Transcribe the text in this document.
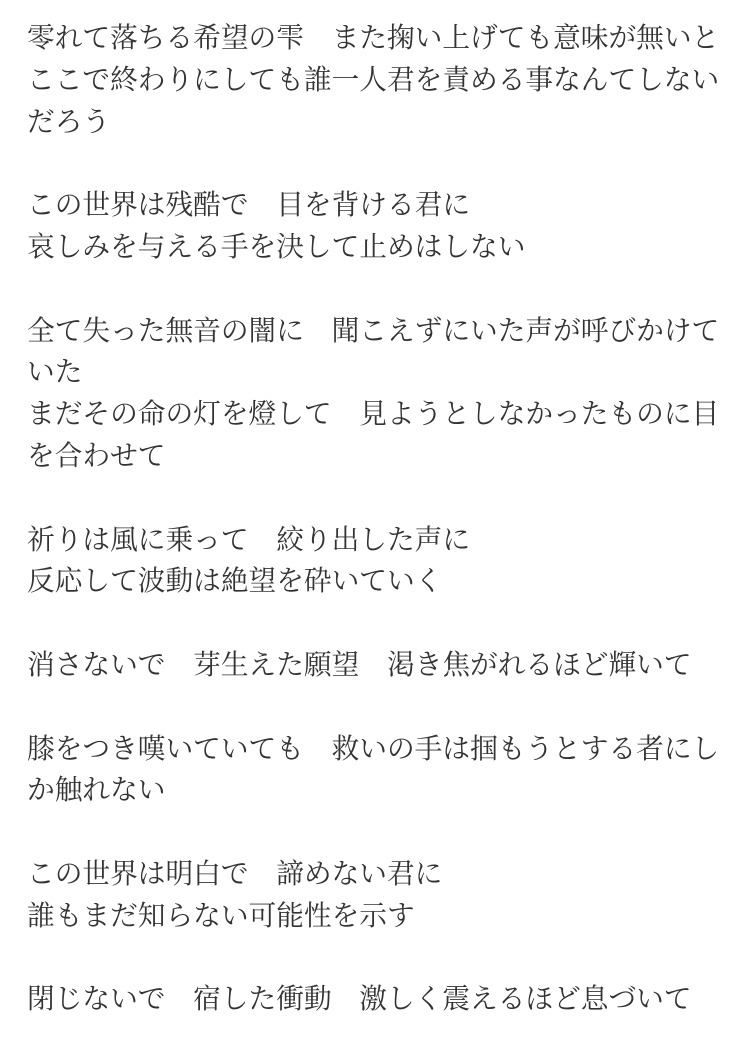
零れて落ちる希望の雫　また掬い上げても意味が無いと
ここで終わりにしても誰一人君を責める事なんてしないだろう

この世界は残酷で　目を背ける君に
哀しみを与える手を決して止めはしない

全て失った無音の闇に　聞こえずにいた声が呼びかけていた
まだその命の灯を燈して　見ようとしなかったものに目を合わせて

祈りは風に乗って　絞り出した声に
反応して波動は絶望を砕いていく

消さないで　芽生えた願望　渇き焦がれるほど輝いて

膝をつき嘆いていても　救いの手は掴もうとする者にしか触れない

この世界は明白で　諦めない君に
誰もまだ知らない可能性を示す

閉じないで　宿した衝動　激しく震えるほど息づいて
